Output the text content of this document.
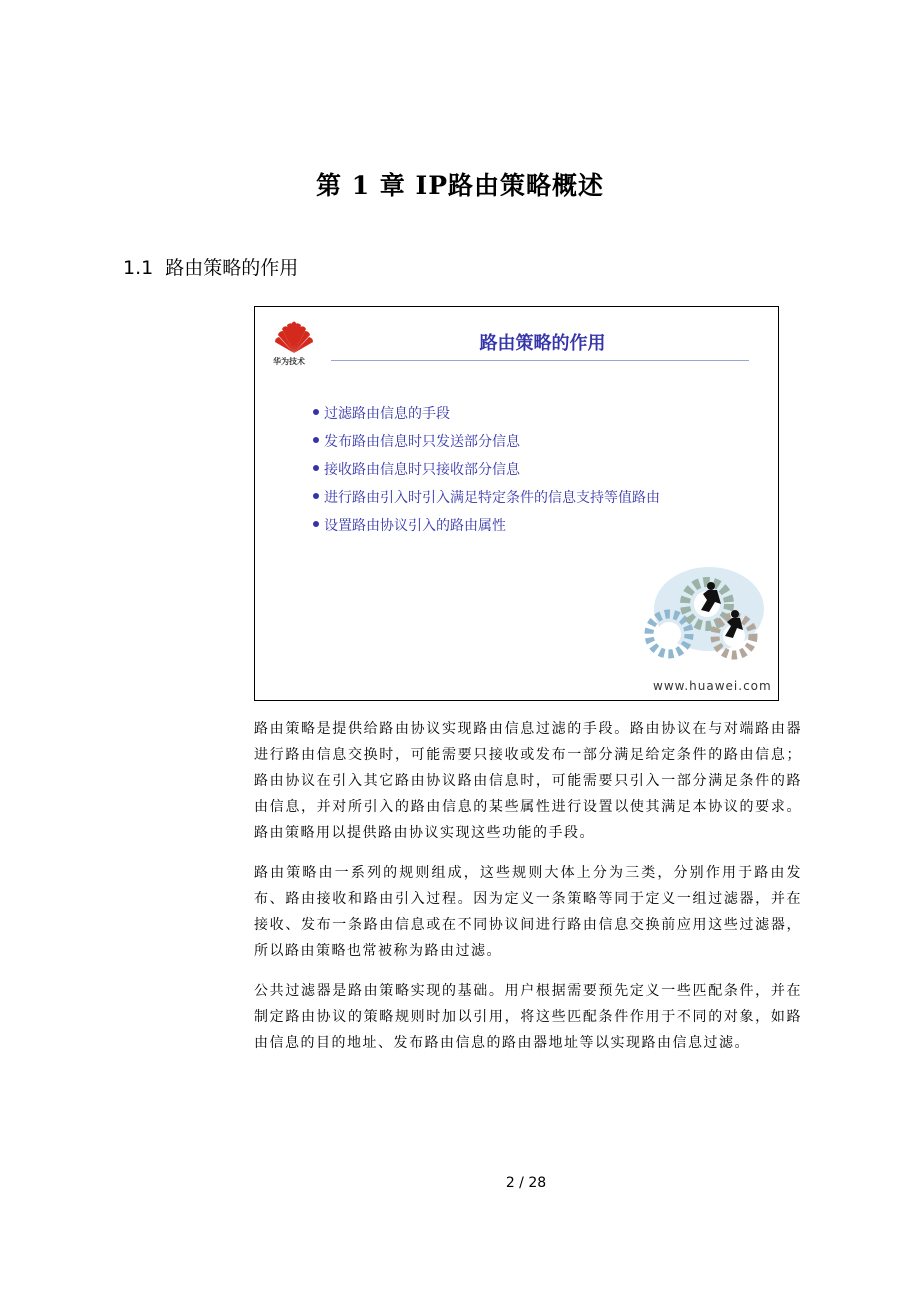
第 1 章 IP路由策略概述
1.1 路由策略的作用
华为技术
路由策略的作用
过滤路由信息的手段
发布路由信息时只发送部分信息
接收路由信息时只接收部分信息
进行路由引入时引入满足特定条件的信息支持等值路由
设置路由协议引入的路由属性
www.huawei.com
路由策略是提供给路由协议实现路由信息过滤的手段。路由协议在与对端路由器进行路由信息交换时，可能需要只接收或发布一部分满足给定条件的路由信息；路由协议在引入其它路由协议路由信息时，可能需要只引入一部分满足条件的路由信息，并对所引入的路由信息的某些属性进行设置以使其满足本协议的要求。路由策略用以提供路由协议实现这些功能的手段。
路由策略由一系列的规则组成，这些规则大体上分为三类，分别作用于路由发布、路由接收和路由引入过程。因为定义一条策略等同于定义一组过滤器，并在接收、发布一条路由信息或在不同协议间进行路由信息交换前应用这些过滤器，所以路由策略也常被称为路由过滤。
公共过滤器是路由策略实现的基础。用户根据需要预先定义一些匹配条件，并在制定路由协议的策略规则时加以引用，将这些匹配条件作用于不同的对象，如路由信息的目的地址、发布路由信息的路由器地址等以实现路由信息过滤。
2 / 28
